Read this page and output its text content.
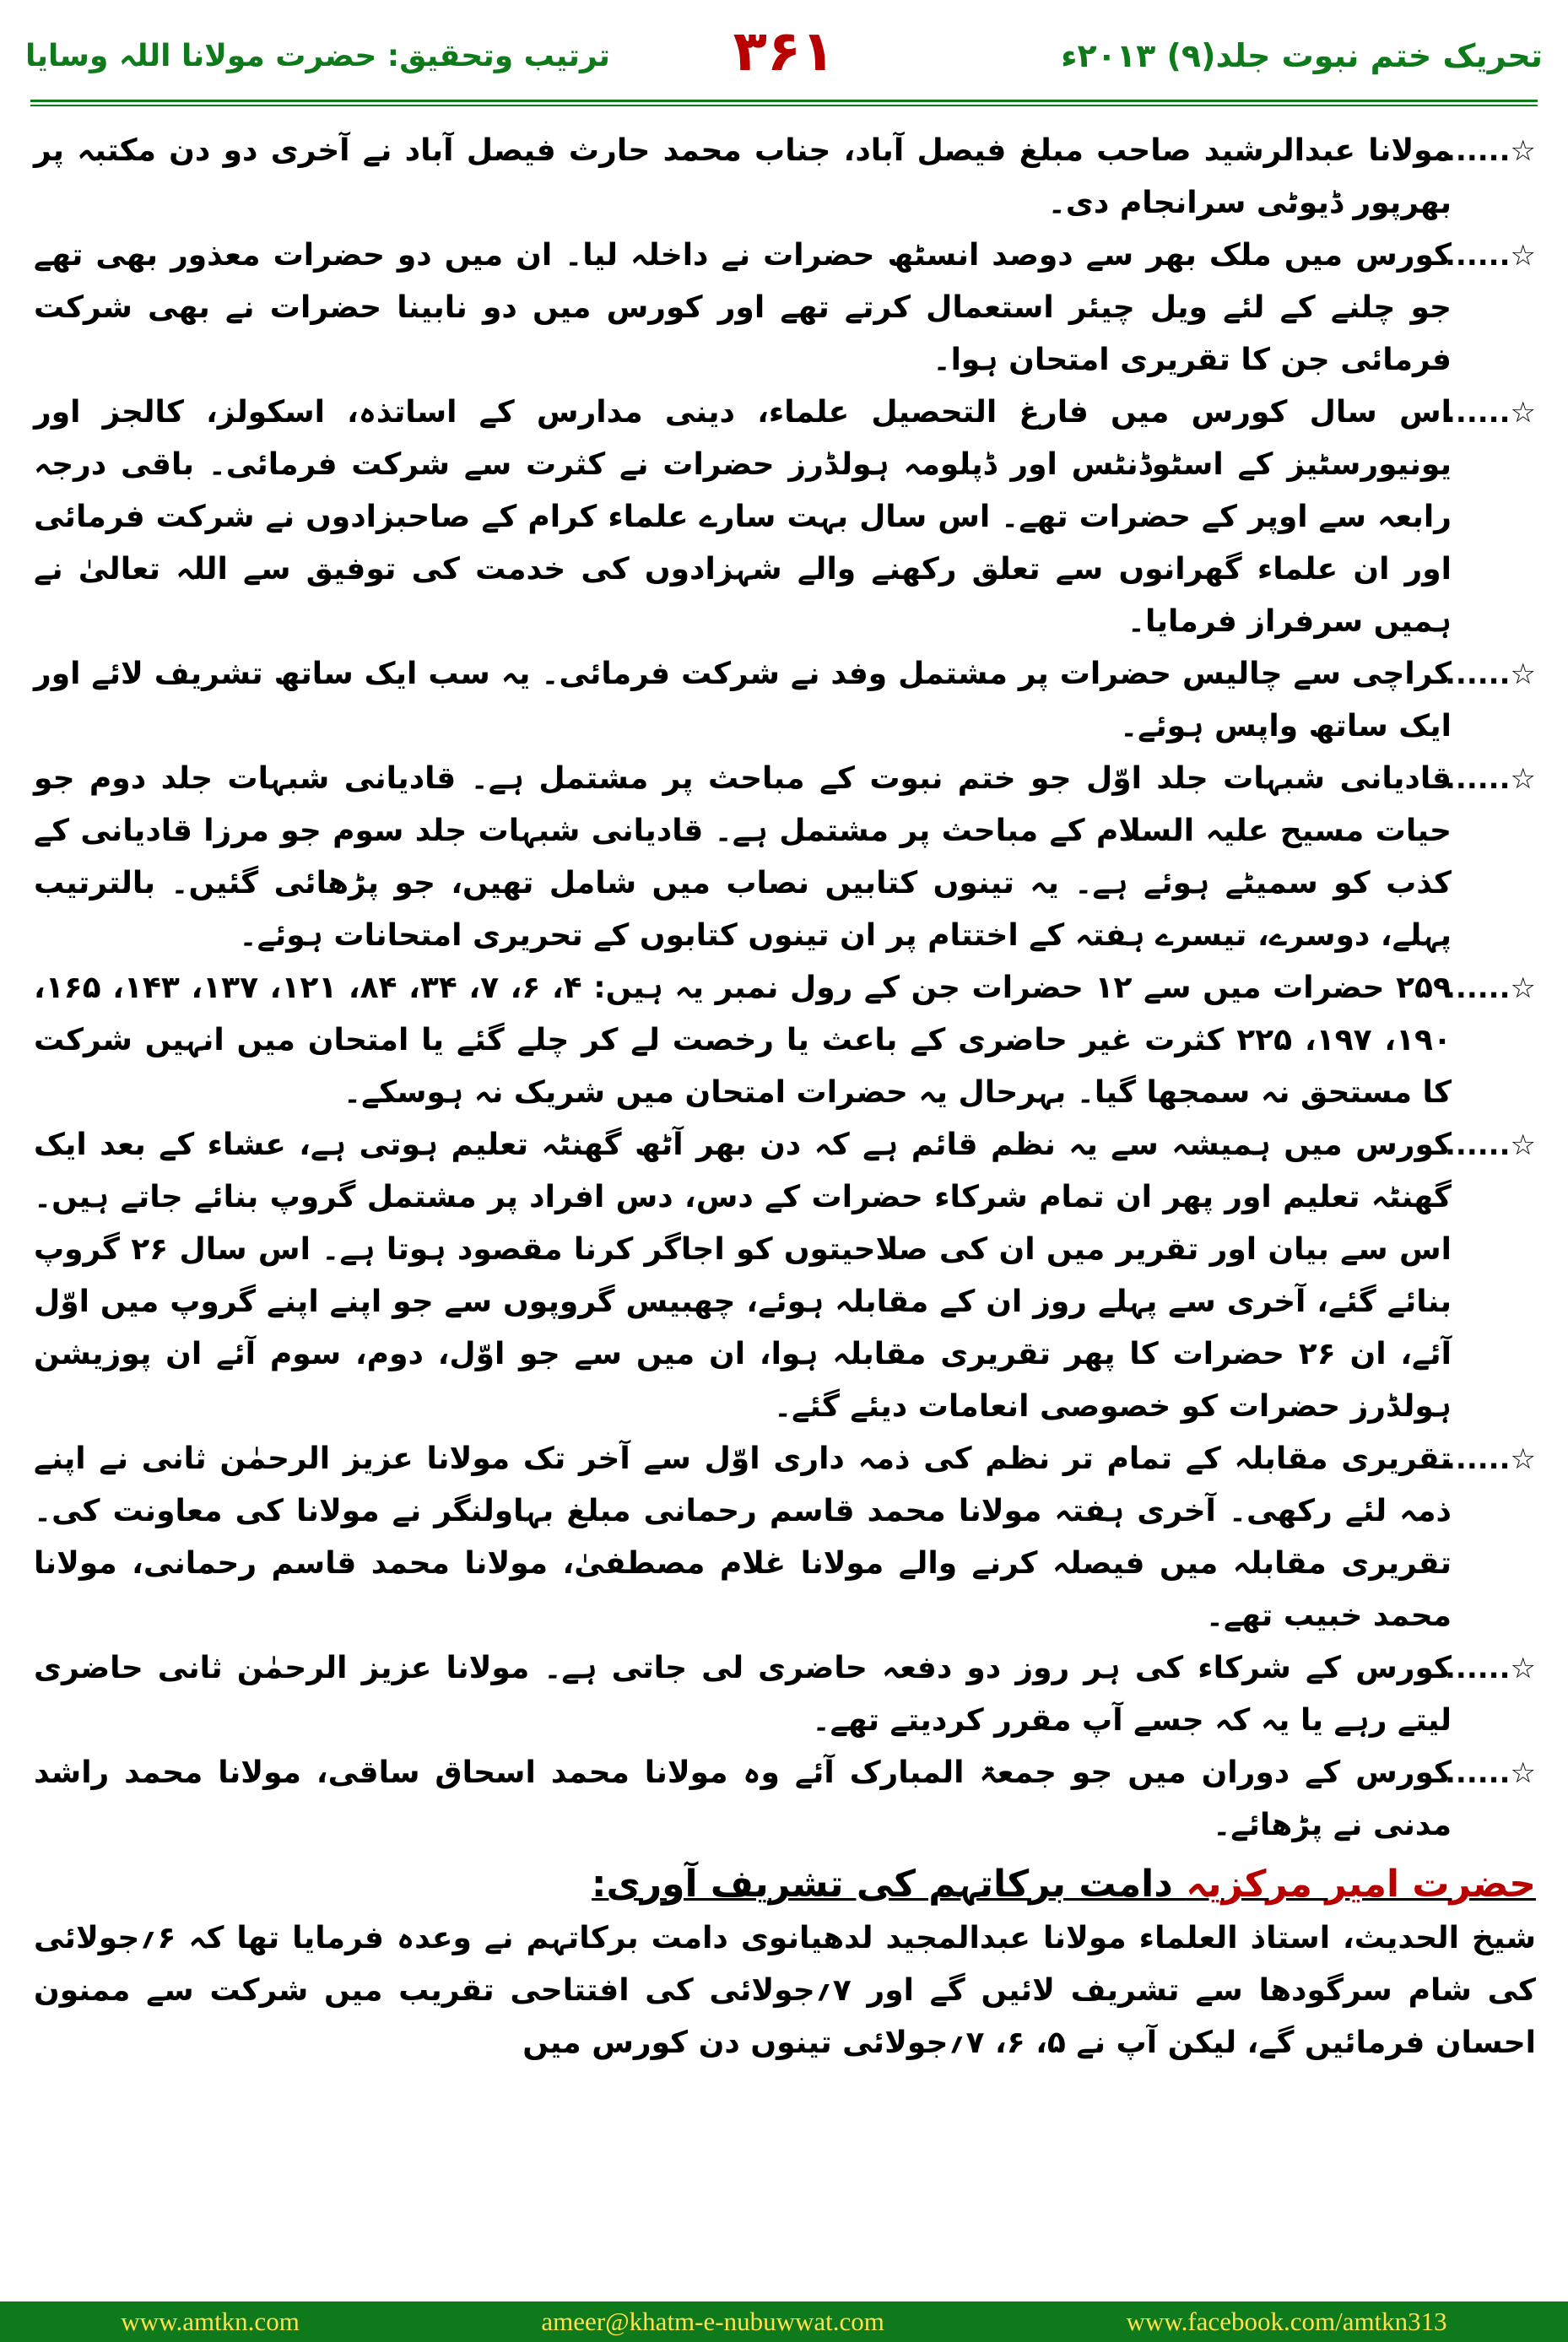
تحریک ختم نبوت جلد(۹) ۲۰۱۳ء
۳۶۱
ترتیب وتحقیق: حضرت مولانا اللہ وسایا
☆......
مولانا عبدالرشید صاحب مبلغ فیصل آباد، جناب محمد حارث فیصل آباد نے آخری دو دن مکتبہ پر بھرپور ڈیوٹی سرانجام دی۔
☆......
کورس میں ملک بھر سے دوصد انسٹھ حضرات نے داخلہ لیا۔ ان میں دو حضرات معذور بھی تھے جو چلنے کے لئے ویل چیئر استعمال کرتے تھے اور کورس میں دو نابینا حضرات نے بھی شرکت فرمائی جن کا تقریری امتحان ہوا۔
☆......
اس سال کورس میں فارغ التحصیل علماء، دینی مدارس کے اساتذہ، اسکولز، کالجز اور یونیورسٹیز کے اسٹوڈنٹس اور ڈپلومہ ہولڈرز حضرات نے کثرت سے شرکت فرمائی۔ باقی درجہ رابعہ سے اوپر کے حضرات تھے۔ اس سال بہت سارے علماء کرام کے صاحبزادوں نے شرکت فرمائی اور ان علماء گھرانوں سے تعلق رکھنے والے شہزادوں کی خدمت کی توفیق سے اللہ تعالیٰ نے ہمیں سرفراز فرمایا۔
☆......
کراچی سے چالیس حضرات پر مشتمل وفد نے شرکت فرمائی۔ یہ سب ایک ساتھ تشریف لائے اور ایک ساتھ واپس ہوئے۔
☆......
قادیانی شبہات جلد اوّل جو ختم نبوت کے مباحث پر مشتمل ہے۔ قادیانی شبہات جلد دوم جو حیات مسیح علیہ السلام کے مباحث پر مشتمل ہے۔ قادیانی شبہات جلد سوم جو مرزا قادیانی کے کذب کو سمیٹے ہوئے ہے۔ یہ تینوں کتابیں نصاب میں شامل تھیں، جو پڑھائی گئیں۔ بالترتیب پہلے، دوسرے، تیسرے ہفتہ کے اختتام پر ان تینوں کتابوں کے تحریری امتحانات ہوئے۔
☆......
۲۵۹ حضرات میں سے ۱۲ حضرات جن کے رول نمبر یہ ہیں: ۴، ۶، ۷، ۳۴، ۸۴، ۱۲۱، ۱۳۷، ۱۴۳، ۱۶۵، ۱۹۰، ۱۹۷، ۲۲۵ کثرت غیر حاضری کے باعث یا رخصت لے کر چلے گئے یا امتحان میں انہیں شرکت کا مستحق نہ سمجھا گیا۔ بہرحال یہ حضرات امتحان میں شریک نہ ہوسکے۔
☆......
کورس میں ہمیشہ سے یہ نظم قائم ہے کہ دن بھر آٹھ گھنٹہ تعلیم ہوتی ہے، عشاء کے بعد ایک گھنٹہ تعلیم اور پھر ان تمام شرکاء حضرات کے دس، دس افراد پر مشتمل گروپ بنائے جاتے ہیں۔ اس سے بیان اور تقریر میں ان کی صلاحیتوں کو اجاگر کرنا مقصود ہوتا ہے۔ اس سال ۲۶ گروپ بنائے گئے، آخری سے پہلے روز ان کے مقابلہ ہوئے، چھبیس گروپوں سے جو اپنے اپنے گروپ میں اوّل آئے، ان ۲۶ حضرات کا پھر تقریری مقابلہ ہوا، ان میں سے جو اوّل، دوم، سوم آئے ان پوزیشن ہولڈرز حضرات کو خصوصی انعامات دیئے گئے۔
☆......
تقریری مقابلہ کے تمام تر نظم کی ذمہ داری اوّل سے آخر تک مولانا عزیز الرحمٰن ثانی نے اپنے ذمہ لئے رکھی۔ آخری ہفتہ مولانا محمد قاسم رحمانی مبلغ بہاولنگر نے مولانا کی معاونت کی۔ تقریری مقابلہ میں فیصلہ کرنے والے مولانا غلام مصطفیٰ، مولانا محمد قاسم رحمانی، مولانا محمد خبیب تھے۔
☆......
کورس کے شرکاء کی ہر روز دو دفعہ حاضری لی جاتی ہے۔ مولانا عزیز الرحمٰن ثانی حاضری لیتے رہے یا یہ کہ جسے آپ مقرر کردیتے تھے۔
☆......
کورس کے دوران میں جو جمعۃ المبارک آئے وہ مولانا محمد اسحاق ساقی، مولانا محمد راشد مدنی نے پڑھائے۔
حضرت امیر مرکزیہ دامت برکاتہم کی تشریف آوری:

شیخ الحدیث، استاذ العلماء مولانا عبدالمجید لدھیانوی دامت برکاتہم نے وعدہ فرمایا تھا کہ ۶؍جولائی کی شام سرگودھا سے تشریف لائیں گے اور ۷؍جولائی کی افتتاحی تقریب میں شرکت سے ممنون احسان فرمائیں گے، لیکن آپ نے ۵، ۶، ۷؍جولائی تینوں دن کورس میں

www.amtkn.com	ameer@khatm-e-nubuwwat.com	www.facebook.com/amtkn313
